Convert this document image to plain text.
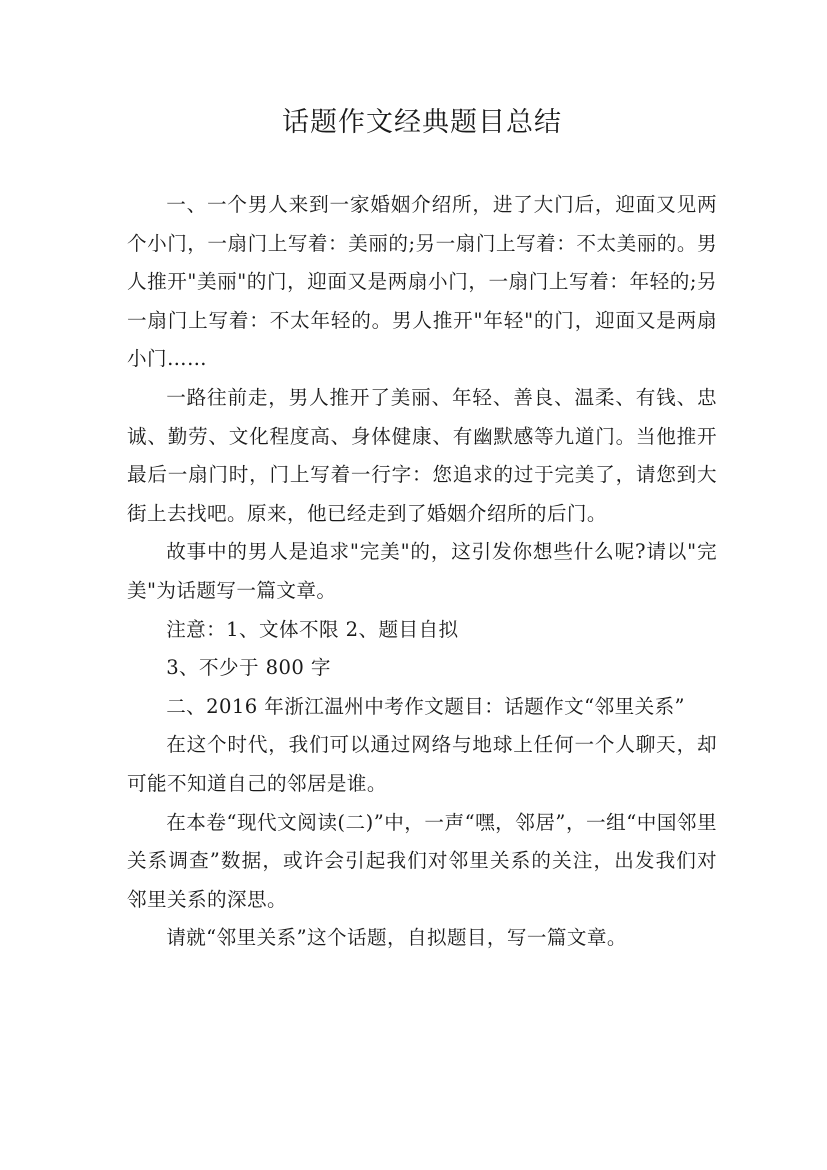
话题作文经典题目总结

一、一个男人来到一家婚姻介绍所，进了大门后，迎面又见两个小门，一扇门上写着：美丽的;另一扇门上写着：不太美丽的。男人推开"美丽"的门，迎面又是两扇小门，一扇门上写着：年轻的;另一扇门上写着：不太年轻的。男人推开"年轻"的门，迎面又是两扇小门……

一路往前走，男人推开了美丽、年轻、善良、温柔、有钱、忠诚、勤劳、文化程度高、身体健康、有幽默感等九道门。当他推开最后一扇门时，门上写着一行字：您追求的过于完美了，请您到大街上去找吧。原来，他已经走到了婚姻介绍所的后门。

故事中的男人是追求"完美"的，这引发你想些什么呢?请以"完美"为话题写一篇文章。

注意：1、文体不限 2、题目自拟

3、不少于 800 字

二、2016 年浙江温州中考作文题目：话题作文“邻里关系”

在这个时代，我们可以通过网络与地球上任何一个人聊天，却可能不知道自己的邻居是谁。

在本卷“现代文阅读(二)”中，一声“嘿，邻居”，一组“中国邻里关系调查”数据，或许会引起我们对邻里关系的关注，出发我们对邻里关系的深思。

请就“邻里关系”这个话题，自拟题目，写一篇文章。
